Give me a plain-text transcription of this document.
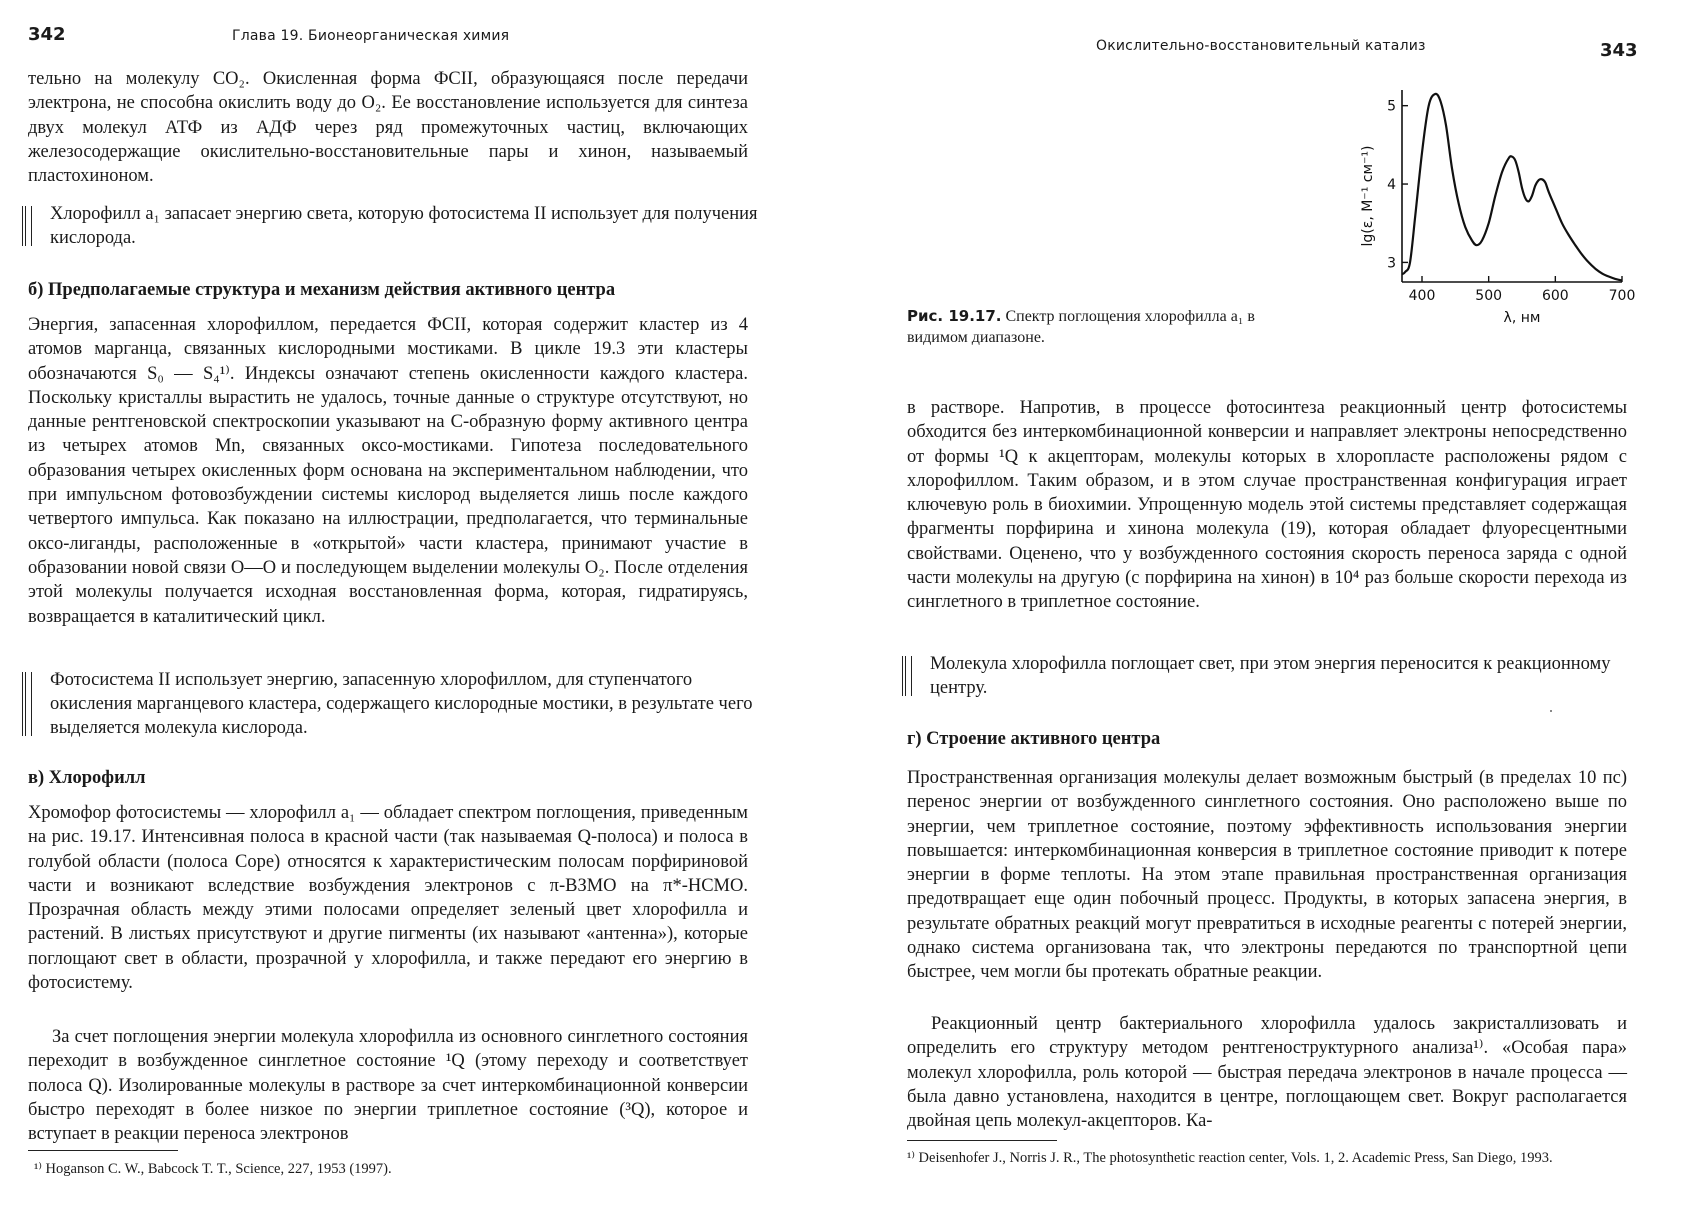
342	Глава 19. Бионеорганическая химия
тельно на молекулу CO₂. Окисленная форма ФСII, образующаяся после передачи электрона, не способна окислить воду до O₂. Ее восстановление используется для синтеза двух молекул АТФ из АДФ через ряд промежуточных частиц, включающих железосодержащие окислительно-восстановительные пары и хинон, называемый пластохиноном.
Хлорофилл a₁ запасает энергию света, которую фотосистема II использует для получения кислорода.
б) Предполагаемые структура и механизм действия активного центра
Энергия, запасенная хлорофиллом, передается ФСII, которая содержит кластер из 4 атомов марганца, связанных кислородными мостиками. В цикле 19.3 эти кластеры обозначаются S₀ — S₄¹⁾. Индексы означают степень окисленности каждого кластера. Поскольку кристаллы вырастить не удалось, точные данные о структуре отсутствуют, но данные рентгеновской спектроскопии указывают на C-образную форму активного центра из четырех атомов Mn, связанных оксо-мостиками. Гипотеза последовательного образования четырех окисленных форм основана на экспериментальном наблюдении, что при импульсном фотовозбуждении системы кислород выделяется лишь после каждого четвертого импульса. Как показано на иллюстрации, предполагается, что терминальные оксо-лиганды, расположенные в «открытой» части кластера, принимают участие в образовании новой связи O—O и последующем выделении молекулы O₂. После отделения этой молекулы получается исходная восстановленная форма, которая, гидратируясь, возвращается в каталитический цикл.
Фотосистема II использует энергию, запасенную хлорофиллом, для ступенчатого окисления марганцевого кластера, содержащего кислородные мостики, в результате чего выделяется молекула кислорода.
в) Хлорофилл
Хромофор фотосистемы — хлорофилл a₁ — обладает спектром поглощения, приведенным на рис. 19.17. Интенсивная полоса в красной части (так называемая Q-полоса) и полоса в голубой области (полоса Соре) относятся к характеристическим полосам порфириновой части и возникают вследствие возбуждения электронов с π-ВЗМО на π*-НСМО. Прозрачная область между этими полосами определяет зеленый цвет хлорофилла и растений. В листьях присутствуют и другие пигменты (их называют «антенна»), которые поглощают свет в области, прозрачной у хлорофилла, и также передают его энергию в фотосистему.
За счет поглощения энергии молекула хлорофилла из основного синглетного состояния переходит в возбужденное синглетное состояние ¹Q (этому переходу и соответствует полоса Q). Изолированные молекулы в растворе за счет интеркомбинационной конверсии быстро переходят в более низкое по энергии триплетное состояние (³Q), которое и вступает в реакции переноса электронов
¹⁾ Hoganson C. W., Babcock T. T., Science, 227, 1953 (1997).
Окислительно-восстановительный катализ	343
Рис. 19.17. Спектр поглощения хлорофилла a₁ в видимом диапазоне.
в растворе. Напротив, в процессе фотосинтеза реакционный центр фотосистемы обходится без интеркомбинационной конверсии и направляет электроны непосредственно от формы ¹Q к акцепторам, молекулы которых в хлоропласте расположены рядом с хлорофиллом. Таким образом, и в этом случае пространственная конфигурация играет ключевую роль в биохимии. Упрощенную модель этой системы представляет содержащая фрагменты порфирина и хинона молекула (19), которая обладает флуоресцентными свойствами. Оценено, что у возбужденного состояния скорость переноса заряда с одной части молекулы на другую (с порфирина на хинон) в 10⁴ раз больше скорости перехода из синглетного в триплетное состояние.
Молекула хлорофилла поглощает свет, при этом энергия переносится к реакционному центру.
г) Строение активного центра
Пространственная организация молекулы делает возможным быстрый (в пределах 10 пс) перенос энергии от возбужденного синглетного состояния. Оно расположено выше по энергии, чем триплетное состояние, поэтому эффективность использования энергии повышается: интеркомбинационная конверсия в триплетное состояние приводит к потере энергии в форме теплоты. На этом этапе правильная пространственная организация предотвращает еще один побочный процесс. Продукты, в которых запасена энергия, в результате обратных реакций могут превратиться в исходные реагенты с потерей энергии, однако система организована так, что электроны передаются по транспортной цепи быстрее, чем могли бы протекать обратные реакции.
Реакционный центр бактериального хлорофилла удалось закристаллизовать и определить его структуру методом рентгеноструктурного анализа¹⁾. «Особая пара» молекул хлорофилла, роль которой — быстрая передача электронов в начале процесса — была давно установлена, находится в центре, поглощающем свет. Вокруг располагается двойная цепь молекул-акцепторов. Ка-
¹⁾ Deisenhofer J., Norris J. R., The photosynthetic reaction center, Vols. 1, 2. Academic Press, San Diego, 1993.
3
4
5
400	500	600	700
lg(ε, M⁻¹ см⁻¹)
λ, нм
